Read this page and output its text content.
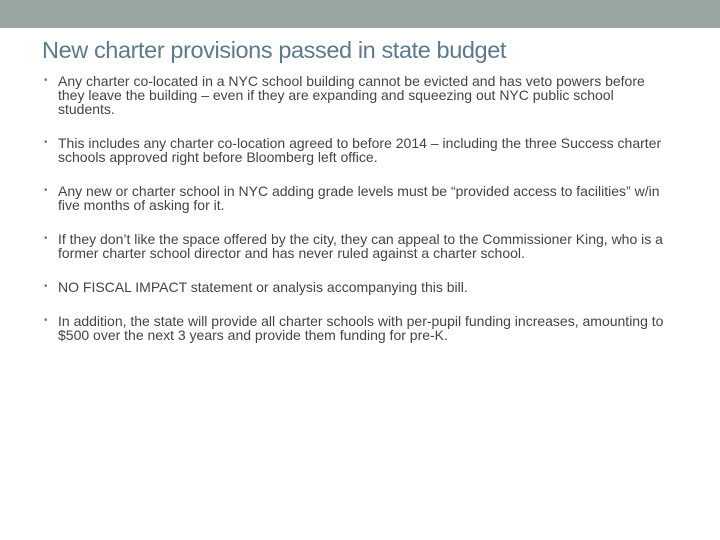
New charter provisions passed in state budget
• Any charter co-located in a NYC school building cannot be evicted and has veto powers before they leave the building – even if they are expanding and squeezing out NYC public school students.
• This includes any charter co-location agreed to before 2014 – including the three Success charter schools approved right before Bloomberg left office.
• Any new or charter school in NYC adding grade levels must be “provided access to facilities” w/in five months of asking for it.
• If they don’t like the space offered by the city, they can appeal to the Commissioner King, who is a former charter school director and has never ruled against a charter school.
• NO FISCAL IMPACT statement or analysis accompanying this bill.
• In addition, the state will provide all charter schools with per-pupil funding increases, amounting to $500 over the next 3 years and provide them funding for pre-K.
